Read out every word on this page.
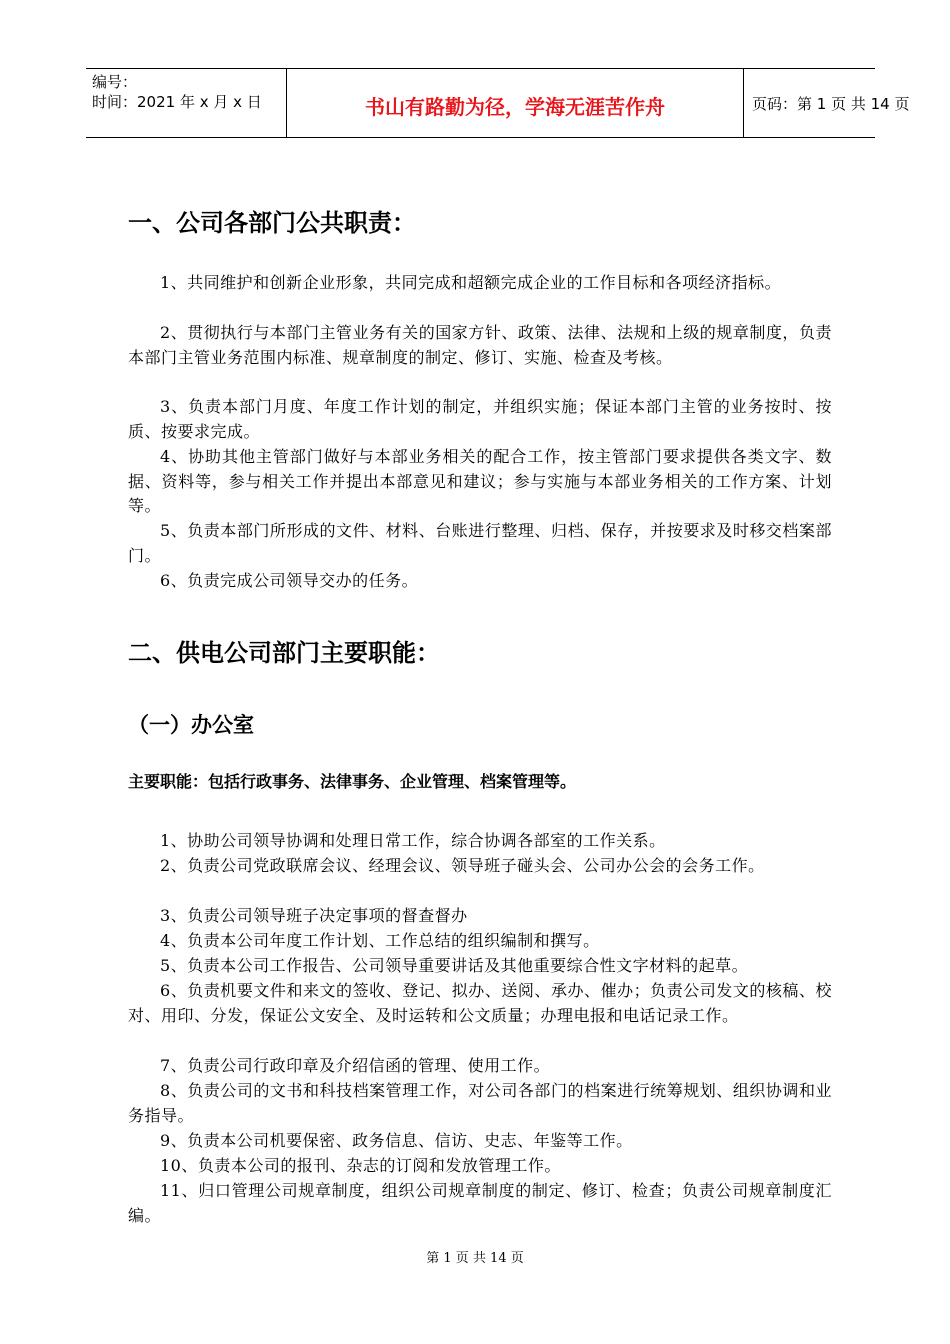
编号：
时间：2021 年 x 月 x 日	书山有路勤为径，学海无涯苦作舟	页码：第 1 页 共 14 页
一、公司各部门公共职责：

1、共同维护和创新企业形象，共同完成和超额完成企业的工作目标和各项经济指标。

2、贯彻执行与本部门主管业务有关的国家方针、政策、法律、法规和上级的规章制度，负责本部门主管业务范围内标准、规章制度的制定、修订、实施、检查及考核。

3、负责本部门月度、年度工作计划的制定，并组织实施；保证本部门主管的业务按时、按质、按要求完成。

4、协助其他主管部门做好与本部业务相关的配合工作，按主管部门要求提供各类文字、数据、资料等，参与相关工作并提出本部意见和建议；参与实施与本部业务相关的工作方案、计划等。

5、负责本部门所形成的文件、材料、台账进行整理、归档、保存，并按要求及时移交档案部门。

6、负责完成公司领导交办的任务。

二、供电公司部门主要职能：
（一）办公室
主要职能：包括行政事务、法律事务、企业管理、档案管理等。

1、协助公司领导协调和处理日常工作，综合协调各部室的工作关系。

2、负责公司党政联席会议、经理会议、领导班子碰头会、公司办公会的会务工作。

3、负责公司领导班子决定事项的督查督办

4、负责本公司年度工作计划、工作总结的组织编制和撰写。

5、负责本公司工作报告、公司领导重要讲话及其他重要综合性文字材料的起草。

6、负责机要文件和来文的签收、登记、拟办、送阅、承办、催办；负责公司发文的核稿、校对、用印、分发，保证公文安全、及时运转和公文质量；办理电报和电话记录工作。

7、负责公司行政印章及介绍信函的管理、使用工作。

8、负责公司的文书和科技档案管理工作，对公司各部门的档案进行统筹规划、组织协调和业务指导。

9、负责本公司机要保密、政务信息、信访、史志、年鉴等工作。

10、负责本公司的报刊、杂志的订阅和发放管理工作。

11、归口管理公司规章制度，组织公司规章制度的制定、修订、检查；负责公司规章制度汇编。

第 1 页 共 14 页
